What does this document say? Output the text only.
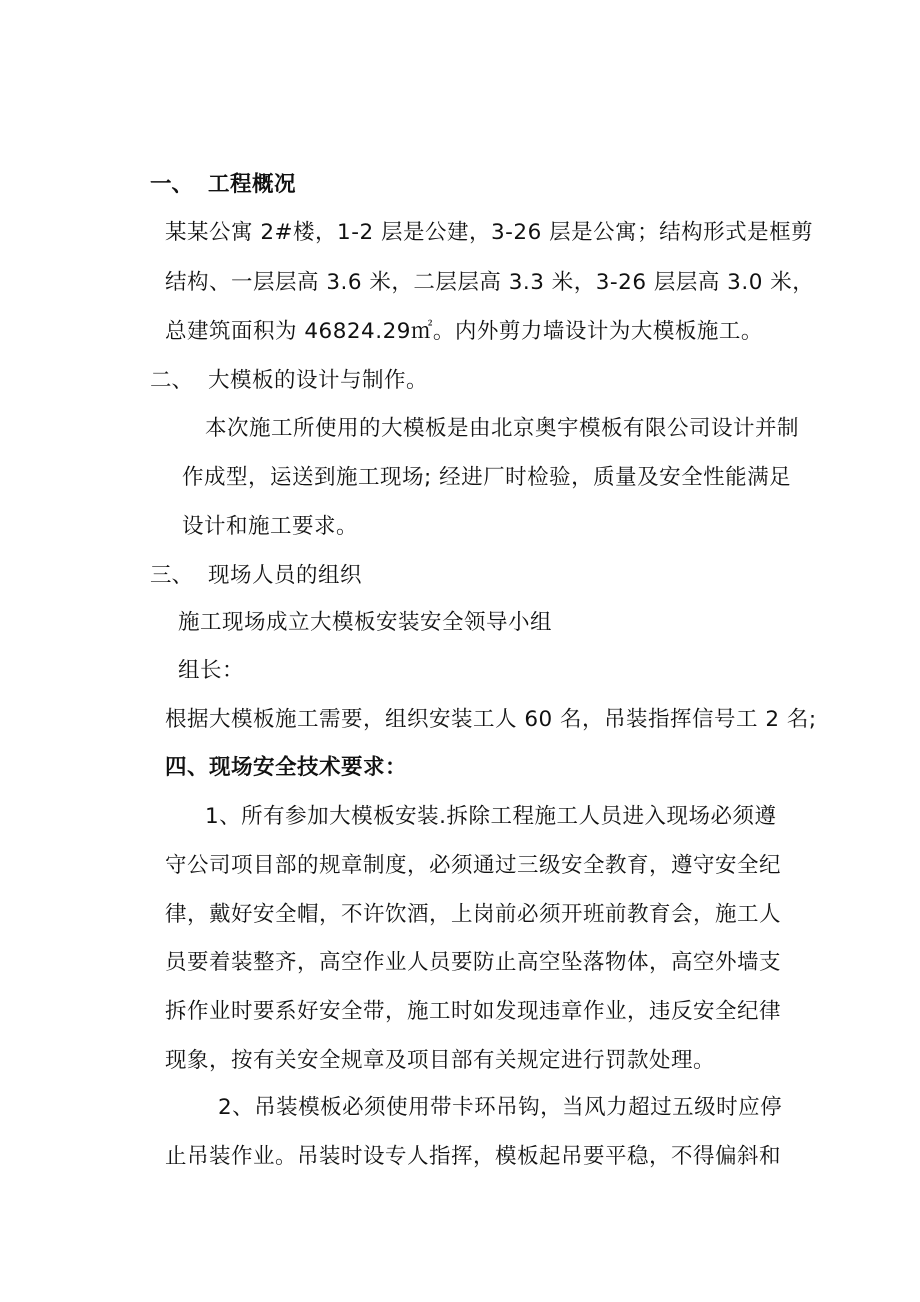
一、 工程概况
某某公寓 2#楼，1-2 层是公建，3-26 层是公寓；结构形式是框剪
结构、一层层高 3.6 米，二层层高 3.3 米，3-26 层层高 3.0 米，
总建筑面积为 46824.29㎡。内外剪力墙设计为大模板施工。
二、 大模板的设计与制作。
本次施工所使用的大模板是由北京奥宇模板有限公司设计并制
作成型，运送到施工现场; 经进厂时检验，质量及安全性能满足
设计和施工要求。
三、 现场人员的组织
施工现场成立大模板安装安全领导小组
组长：
根据大模板施工需要，组织安装工人 60 名，吊装指挥信号工 2 名;
四、现场安全技术要求：
1、所有参加大模板安装.拆除工程施工人员进入现场必须遵
守公司项目部的规章制度，必须通过三级安全教育，遵守安全纪
律，戴好安全帽，不许饮酒，上岗前必须开班前教育会，施工人
员要着装整齐，高空作业人员要防止高空坠落物体，高空外墙支
拆作业时要系好安全带，施工时如发现违章作业，违反安全纪律
现象，按有关安全规章及项目部有关规定进行罚款处理。
2、吊装模板必须使用带卡环吊钩，当风力超过五级时应停
止吊装作业。吊装时设专人指挥，模板起吊要平稳，不得偏斜和
